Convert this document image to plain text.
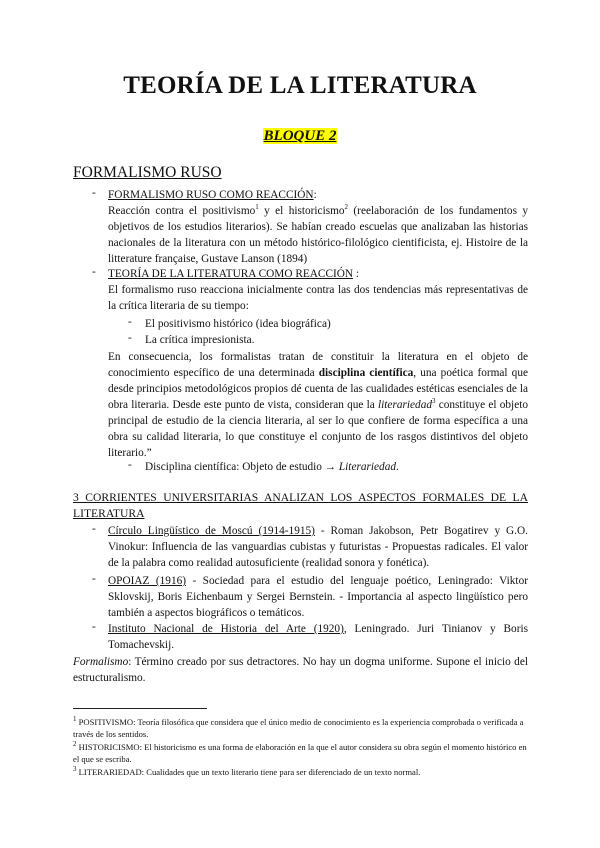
TEORÍA DE LA LITERATURA
BLOQUE 2
FORMALISMO RUSO
- FORMALISMO RUSO COMO REACCIÓN:
Reacción contra el positivismo$^1$ y el historicismo$^2$ (reelaboración de los fundamentos y objetivos de los estudios literarios). Se habían creado escuelas que analizaban las historias nacionales de la literatura con un método histórico-filológico cientificista, ej. Histoire de la litterature française, Gustave Lanson (1894)
- TEORÍA DE LA LITERATURA COMO REACCIÓN :
El formalismo ruso reacciona inicialmente contra las dos tendencias más representativas de la crítica literaria de su tiempo:
- El positivismo histórico (idea biográfica)
- La crítica impresionista.
En consecuencia, los formalistas tratan de constituir la literatura en el objeto de conocimiento específico de una determinada disciplina científica, una poética formal que desde principios metodológicos propios dé cuenta de las cualidades estéticas esenciales de la obra literaria. Desde este punto de vista, consideran que la literariedad$^3$ constituye el objeto principal de estudio de la ciencia literaria, al ser lo que confiere de forma específica a una obra su calidad literaria, lo que constituye el conjunto de los rasgos distintivos del objeto literario.”
- Disciplina científica: Objeto de estudio → Literariedad.
3 CORRIENTES UNIVERSITARIAS ANALIZAN LOS ASPECTOS FORMALES DE LA LITERATURA
- Círculo Lingüístico de Moscú (1914-1915) - Roman Jakobson, Petr Bogatirev y G.O. Vinokur: Influencia de las vanguardias cubistas y futuristas - Propuestas radicales. El valor de la palabra como realidad autosuficiente (realidad sonora y fonética).
- OPOIAZ (1916) - Sociedad para el estudio del lenguaje poético, Leningrado: Viktor Sklovskij, Boris Eichenbaum y Sergei Bernstein. - Importancia al aspecto lingüístico pero también a aspectos biográficos o temáticos.
- Instituto Nacional de Historia del Arte (1920), Leningrado. Juri Tinianov y Boris Tomachevskij.
Formalismo: Término creado por sus detractores. No hay un dogma uniforme. Supone el inicio del estructuralismo.
$^1$ POSITIVISMO: Teoría filosófica que considera que el único medio de conocimiento es la experiencia comprobada o verificada a través de los sentidos.
$^2$ HISTORICISMO: El historicismo es una forma de elaboración en la que el autor considera su obra según el momento histórico en el que se escriba.
$^3$ LITERARIEDAD: Cualidades que un texto literario tiene para ser diferenciado de un texto normal.
